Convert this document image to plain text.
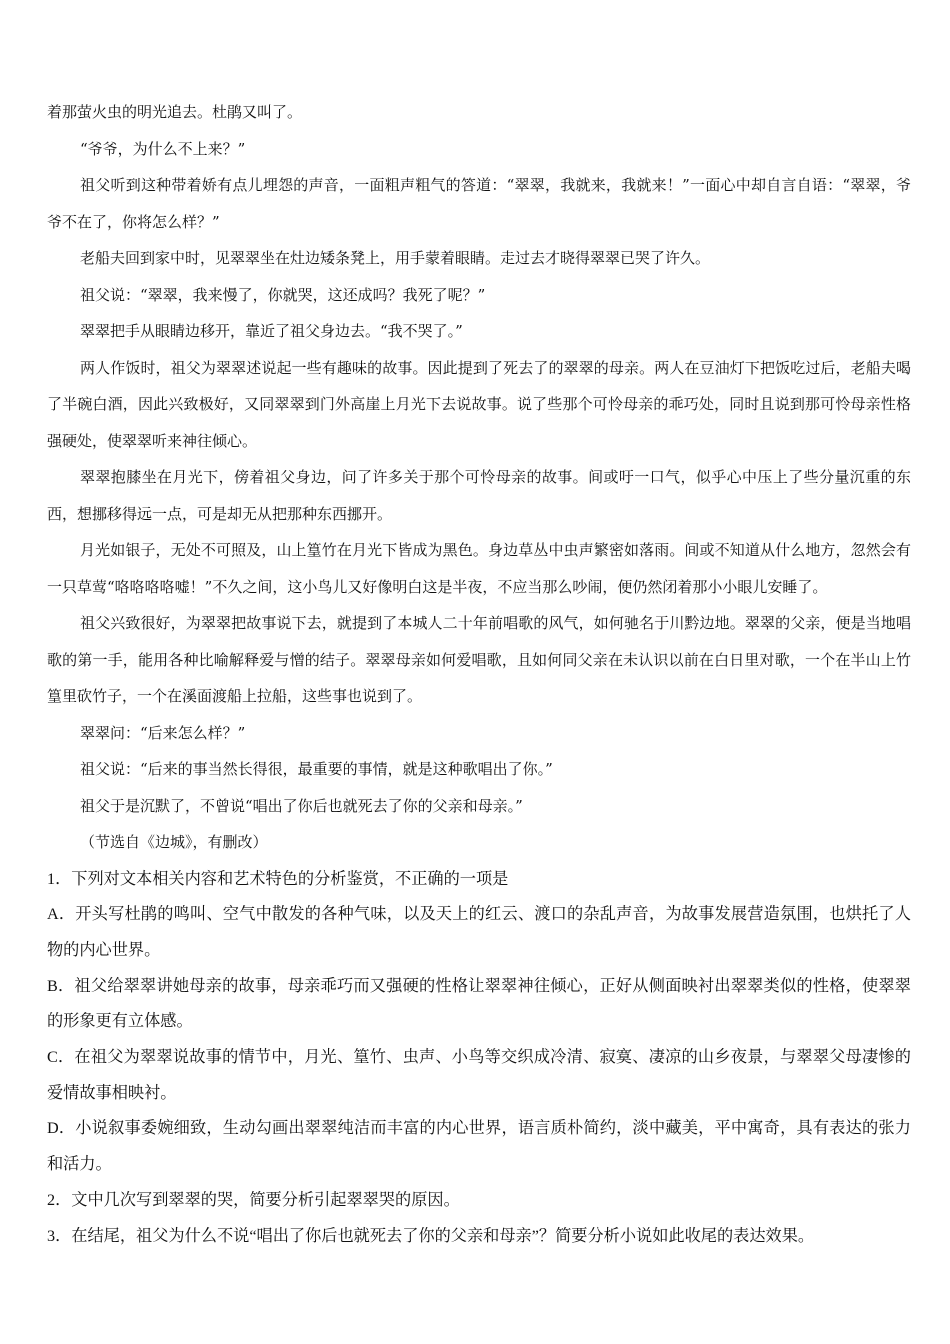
着那萤火虫的明光追去。杜鹃又叫了。

“爷爷，为什么不上来？”

祖父听到这种带着娇有点儿埋怨的声音，一面粗声粗气的答道：“翠翠，我就来，我就来！”一面心中却自言自语：“翠翠，爷爷不在了，你将怎么样？”

老船夫回到家中时，见翠翠坐在灶边矮条凳上，用手蒙着眼睛。走过去才晓得翠翠已哭了许久。

祖父说：“翠翠，我来慢了，你就哭，这还成吗？我死了呢？”

翠翠把手从眼睛边移开，靠近了祖父身边去。“我不哭了。”

两人作饭时，祖父为翠翠述说起一些有趣味的故事。因此提到了死去了的翠翠的母亲。两人在豆油灯下把饭吃过后，老船夫喝了半碗白酒，因此兴致极好，又同翠翠到门外高崖上月光下去说故事。说了些那个可怜母亲的乖巧处，同时且说到那可怜母亲性格强硬处，使翠翠听来神往倾心。

翠翠抱膝坐在月光下，傍着祖父身边，问了许多关于那个可怜母亲的故事。间或吁一口气，似乎心中压上了些分量沉重的东西，想挪移得远一点，可是却无从把那种东西挪开。

月光如银子，无处不可照及，山上篁竹在月光下皆成为黑色。身边草丛中虫声繁密如落雨。间或不知道从什么地方，忽然会有一只草莺“咯咯咯咯嘘！”不久之间，这小鸟儿又好像明白这是半夜，不应当那么吵闹，便仍然闭着那小小眼儿安睡了。

祖父兴致很好，为翠翠把故事说下去，就提到了本城人二十年前唱歌的风气，如何驰名于川黔边地。翠翠的父亲，便是当地唱歌的第一手，能用各种比喻解释爱与憎的结子。翠翠母亲如何爱唱歌，且如何同父亲在未认识以前在白日里对歌，一个在半山上竹篁里砍竹子，一个在溪面渡船上拉船，这些事也说到了。

翠翠问：“后来怎么样？”

祖父说：“后来的事当然长得很，最重要的事情，就是这种歌唱出了你。”

祖父于是沉默了，不曾说“唱出了你后也就死去了你的父亲和母亲。”

（节选自《边城》，有删改）

1．下列对文本相关内容和艺术特色的分析鉴赏，不正确的一项是

A．开头写杜鹃的鸣叫、空气中散发的各种气味，以及天上的红云、渡口的杂乱声音，为故事发展营造氛围，也烘托了人物的内心世界。

B．祖父给翠翠讲她母亲的故事，母亲乖巧而又强硬的性格让翠翠神往倾心，正好从侧面映衬出翠翠类似的性格，使翠翠的形象更有立体感。

C．在祖父为翠翠说故事的情节中，月光、篁竹、虫声、小鸟等交织成冷清、寂寞、凄凉的山乡夜景，与翠翠父母凄惨的爱情故事相映衬。

D．小说叙事委婉细致，生动勾画出翠翠纯洁而丰富的内心世界，语言质朴简约，淡中藏美，平中寓奇，具有表达的张力和活力。

2．文中几次写到翠翠的哭，简要分析引起翠翠哭的原因。

3．在结尾，祖父为什么不说“唱出了你后也就死去了你的父亲和母亲”？简要分析小说如此收尾的表达效果。
